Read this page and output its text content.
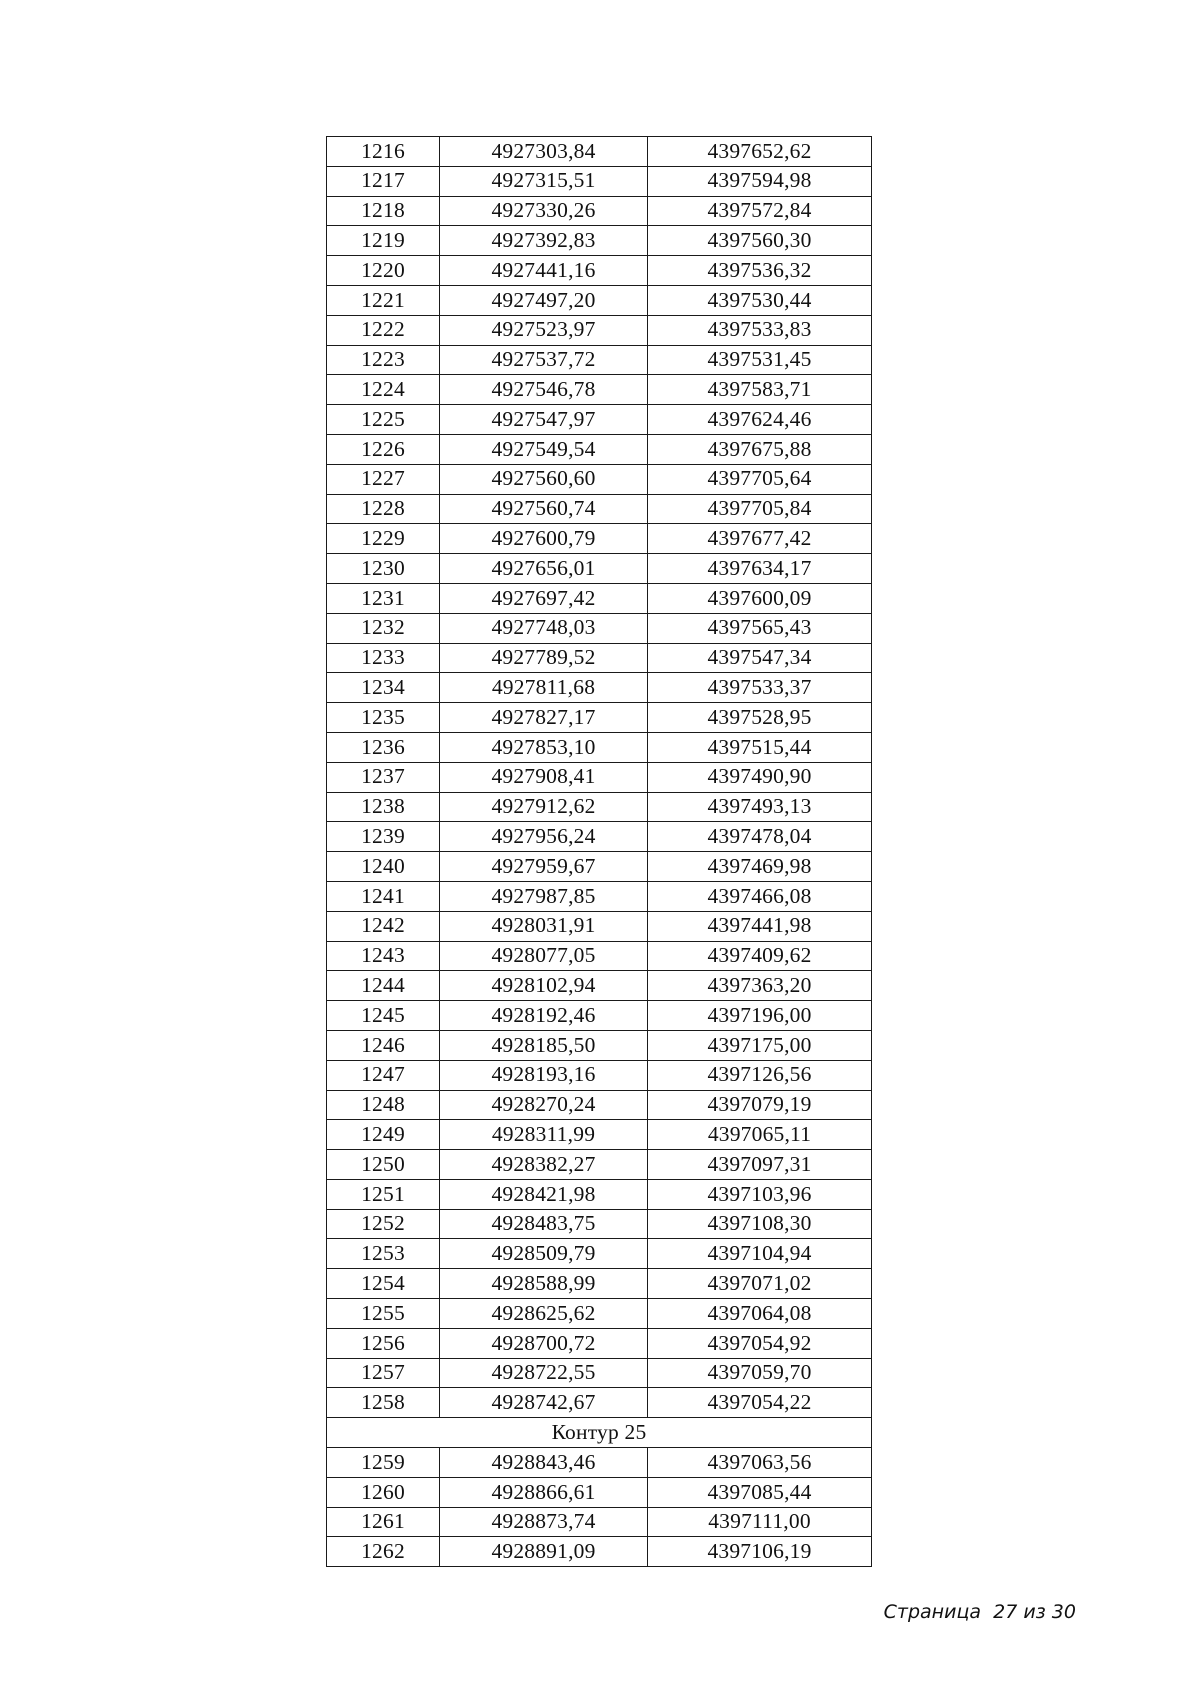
1216	4927303,84	4397652,62
1217	4927315,51	4397594,98
1218	4927330,26	4397572,84
1219	4927392,83	4397560,30
1220	4927441,16	4397536,32
1221	4927497,20	4397530,44
1222	4927523,97	4397533,83
1223	4927537,72	4397531,45
1224	4927546,78	4397583,71
1225	4927547,97	4397624,46
1226	4927549,54	4397675,88
1227	4927560,60	4397705,64
1228	4927560,74	4397705,84
1229	4927600,79	4397677,42
1230	4927656,01	4397634,17
1231	4927697,42	4397600,09
1232	4927748,03	4397565,43
1233	4927789,52	4397547,34
1234	4927811,68	4397533,37
1235	4927827,17	4397528,95
1236	4927853,10	4397515,44
1237	4927908,41	4397490,90
1238	4927912,62	4397493,13
1239	4927956,24	4397478,04
1240	4927959,67	4397469,98
1241	4927987,85	4397466,08
1242	4928031,91	4397441,98
1243	4928077,05	4397409,62
1244	4928102,94	4397363,20
1245	4928192,46	4397196,00
1246	4928185,50	4397175,00
1247	4928193,16	4397126,56
1248	4928270,24	4397079,19
1249	4928311,99	4397065,11
1250	4928382,27	4397097,31
1251	4928421,98	4397103,96
1252	4928483,75	4397108,30
1253	4928509,79	4397104,94
1254	4928588,99	4397071,02
1255	4928625,62	4397064,08
1256	4928700,72	4397054,92
1257	4928722,55	4397059,70
1258	4928742,67	4397054,22
Контур 25		
1259	4928843,46	4397063,56
1260	4928866,61	4397085,44
1261	4928873,74	4397111,00
1262	4928891,09	4397106,19
Страница  27 из 30
